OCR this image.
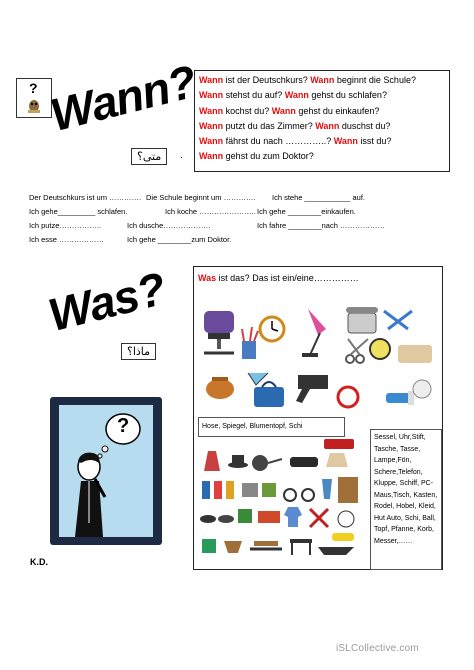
? Wann?
متى؟	.
Wann ist der Deutschkurs? Wann beginnt die Schule?
Wann stehst du auf? Wann gehst du schlafen?
Wann kochst du? Wann gehst du einkaufen?
Wann putzt du das Zimmer? Wann duschst du?
Wann fährst du nach …………..? Wann isst du?
Wann gehst du zum Doktor?
Der Deutschkurs ist um …………. Die Schule beginnt um …………. Ich stehe ___________ auf.
Ich gehe_________ schlafen.	Ich koche ………………….. Ich gehe ________einkaufen.
Ich putze……………..	Ich dusche……………….	Ich fahre ________nach ………………
Ich esse ………………	Ich gehe ________zum Doktor.
Was?
ماذا؟
?
K.D.
Was ist das? Das ist ein/eine……………
Hose, Spiegel, Blumentopf, Schi
Sessel, Uhr,Stift, Tasche, Tasse, Lampe,Fön, Schere,Telefon, Kluppe, Schiff, PC-Maus,Tisch, Kasten, Rodel, Hobel, Kleid, Hut Auto, Schi, Ball, Topf, Pfanne, Korb, Messer,……
iSLCollective.com
